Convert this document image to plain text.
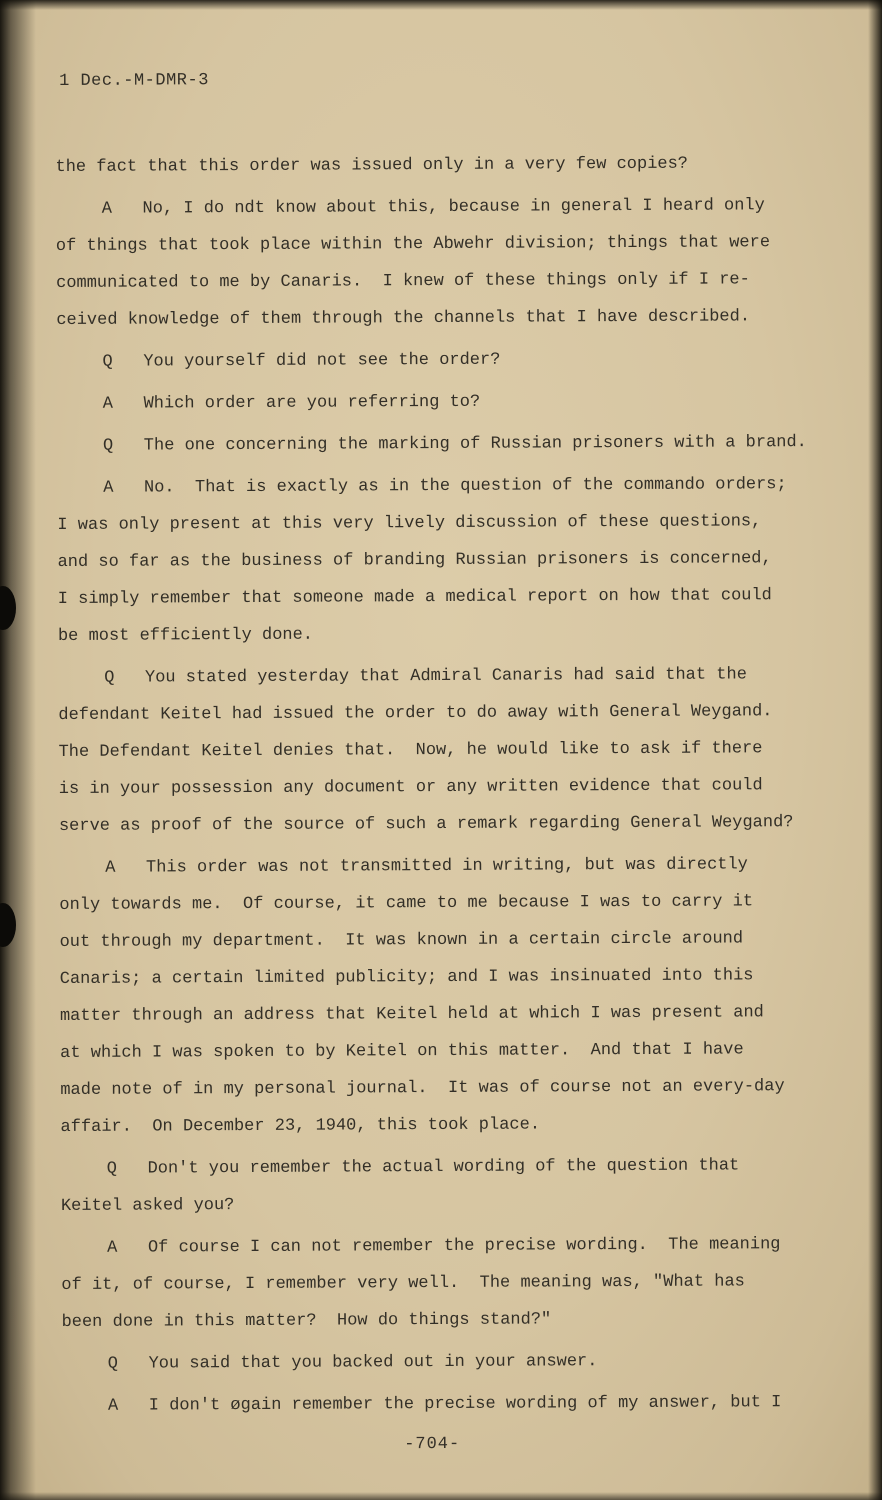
1 Dec.-M-DMR-3

the fact that this order was issued only in a very few copies?

A   No, I do ndt know about this, because in general I heard only
of things that took place within the Abwehr division; things that were
communicated to me by Canaris.  I knew of these things only if I re-
ceived knowledge of them through the channels that I have described.

Q   You yourself did not see the order?

A   Which order are you referring to?

Q   The one concerning the marking of Russian prisoners with a brand.

A   No.  That is exactly as in the question of the commando orders;
I was only present at this very lively discussion of these questions,
and so far as the business of branding Russian prisoners is concerned,
I simply remember that someone made a medical report on how that could
be most efficiently done.

Q   You stated yesterday that Admiral Canaris had said that the
defendant Keitel had issued the order to do away with General Weygand.
The Defendant Keitel denies that.  Now, he would like to ask if there
is in your possession any document or any written evidence that could
serve as proof of the source of such a remark regarding General Weygand?

A   This order was not transmitted in writing, but was directly
only towards me.  Of course, it came to me because I was to carry it
out through my department.  It was known in a certain circle around
Canaris; a certain limited publicity; and I was insinuated into this
matter through an address that Keitel held at which I was present and
at which I was spoken to by Keitel on this matter.  And that I have
made note of in my personal journal.  It was of course not an every-day
affair.  On December 23, 1940, this took place.

Q   Don't you remember the actual wording of the question that
Keitel asked you?

A   Of course I can not remember the precise wording.  The meaning
of it, of course, I remember very well.  The meaning was, "What has
been done in this matter?  How do things stand?"

Q   You said that you backed out in your answer.

A   I don't øgain remember the precise wording of my answer, but I

-704-
